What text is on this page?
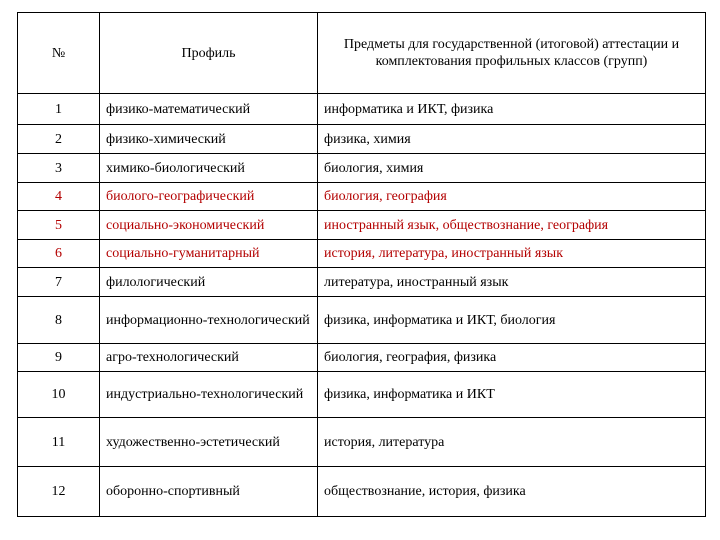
№	Профиль	Предметы для государственной (итоговой) аттестации и комплектования профильных классов (групп)
1	физико-математический	информатика и ИКТ, физика
2	физико-химический	физика, химия
3	химико-биологический	биология, химия
4	биолого-географический	биология, география
5	социально-экономический	иностранный язык, обществознание, география
6	социально-гуманитарный	история, литература, иностранный язык
7	филологический	литература, иностранный язык
8	информационно-технологический	физика, информатика и ИКТ, биология
9	агро-технологический	биология, география, физика
10	индустриально-технологический	физика, информатика и ИКТ
11	художественно-эстетический	история, литература
12	оборонно-спортивный	обществознание, история, физика
